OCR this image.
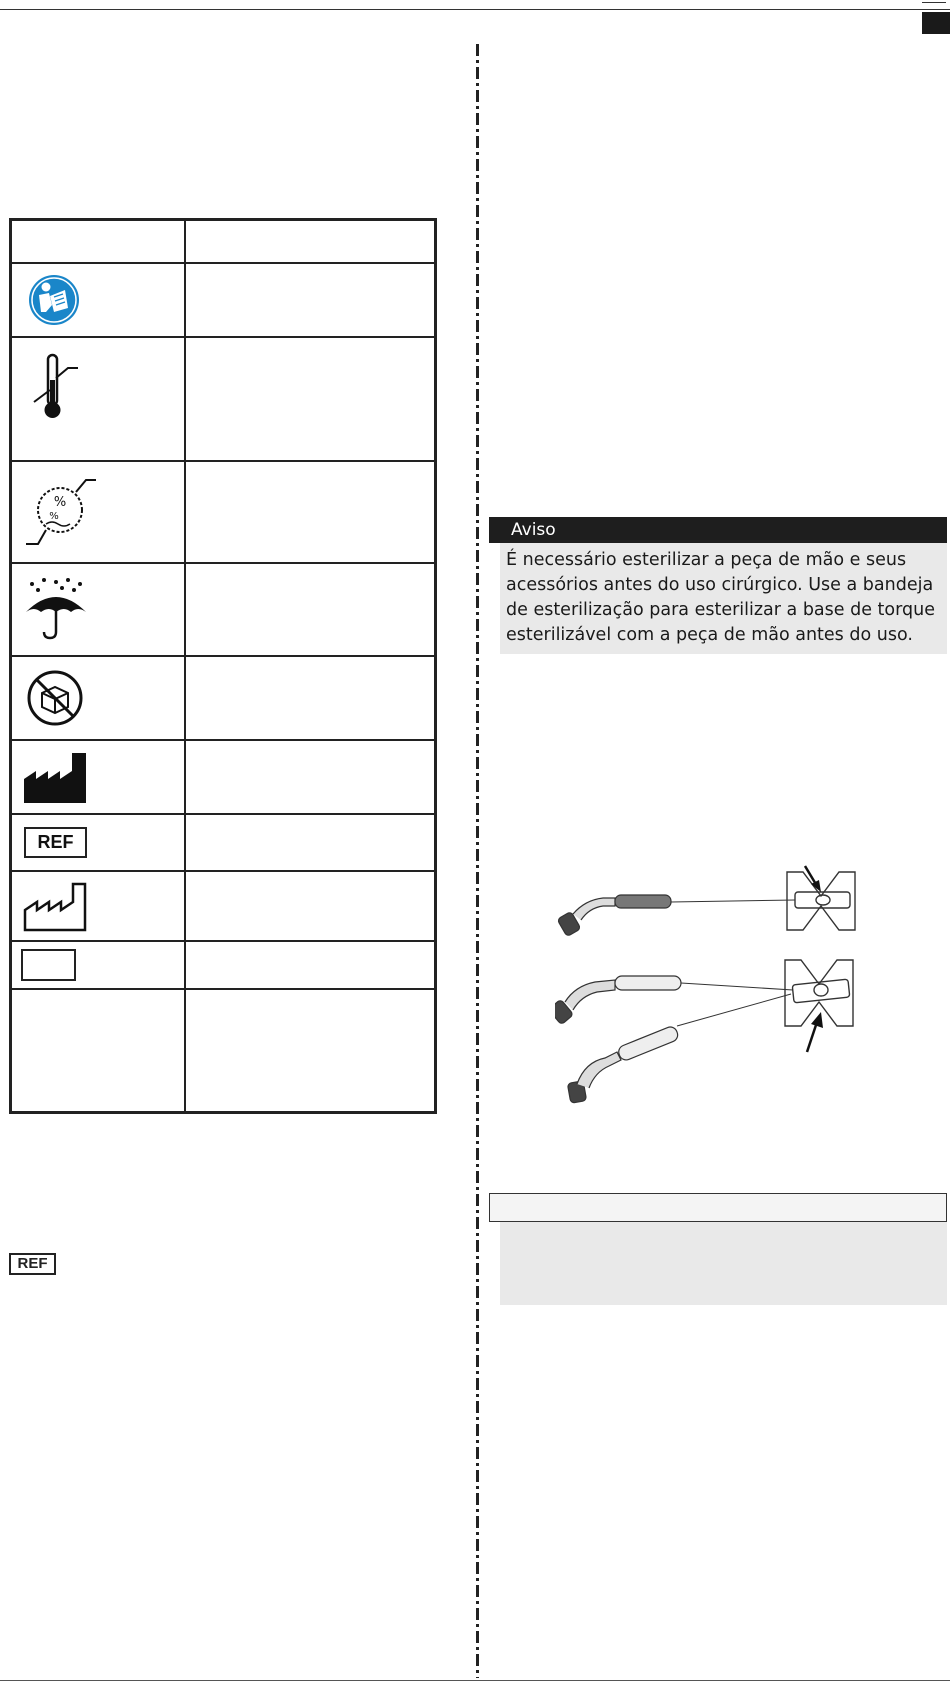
%
%	

REF	

REF
Aviso
É necessário esterilizar a peça de mão e seus acessórios antes do uso cirúrgico. Use a bandeja de esterilização para esterilizar a base de torque esterilizável com a peça de mão antes do uso.
